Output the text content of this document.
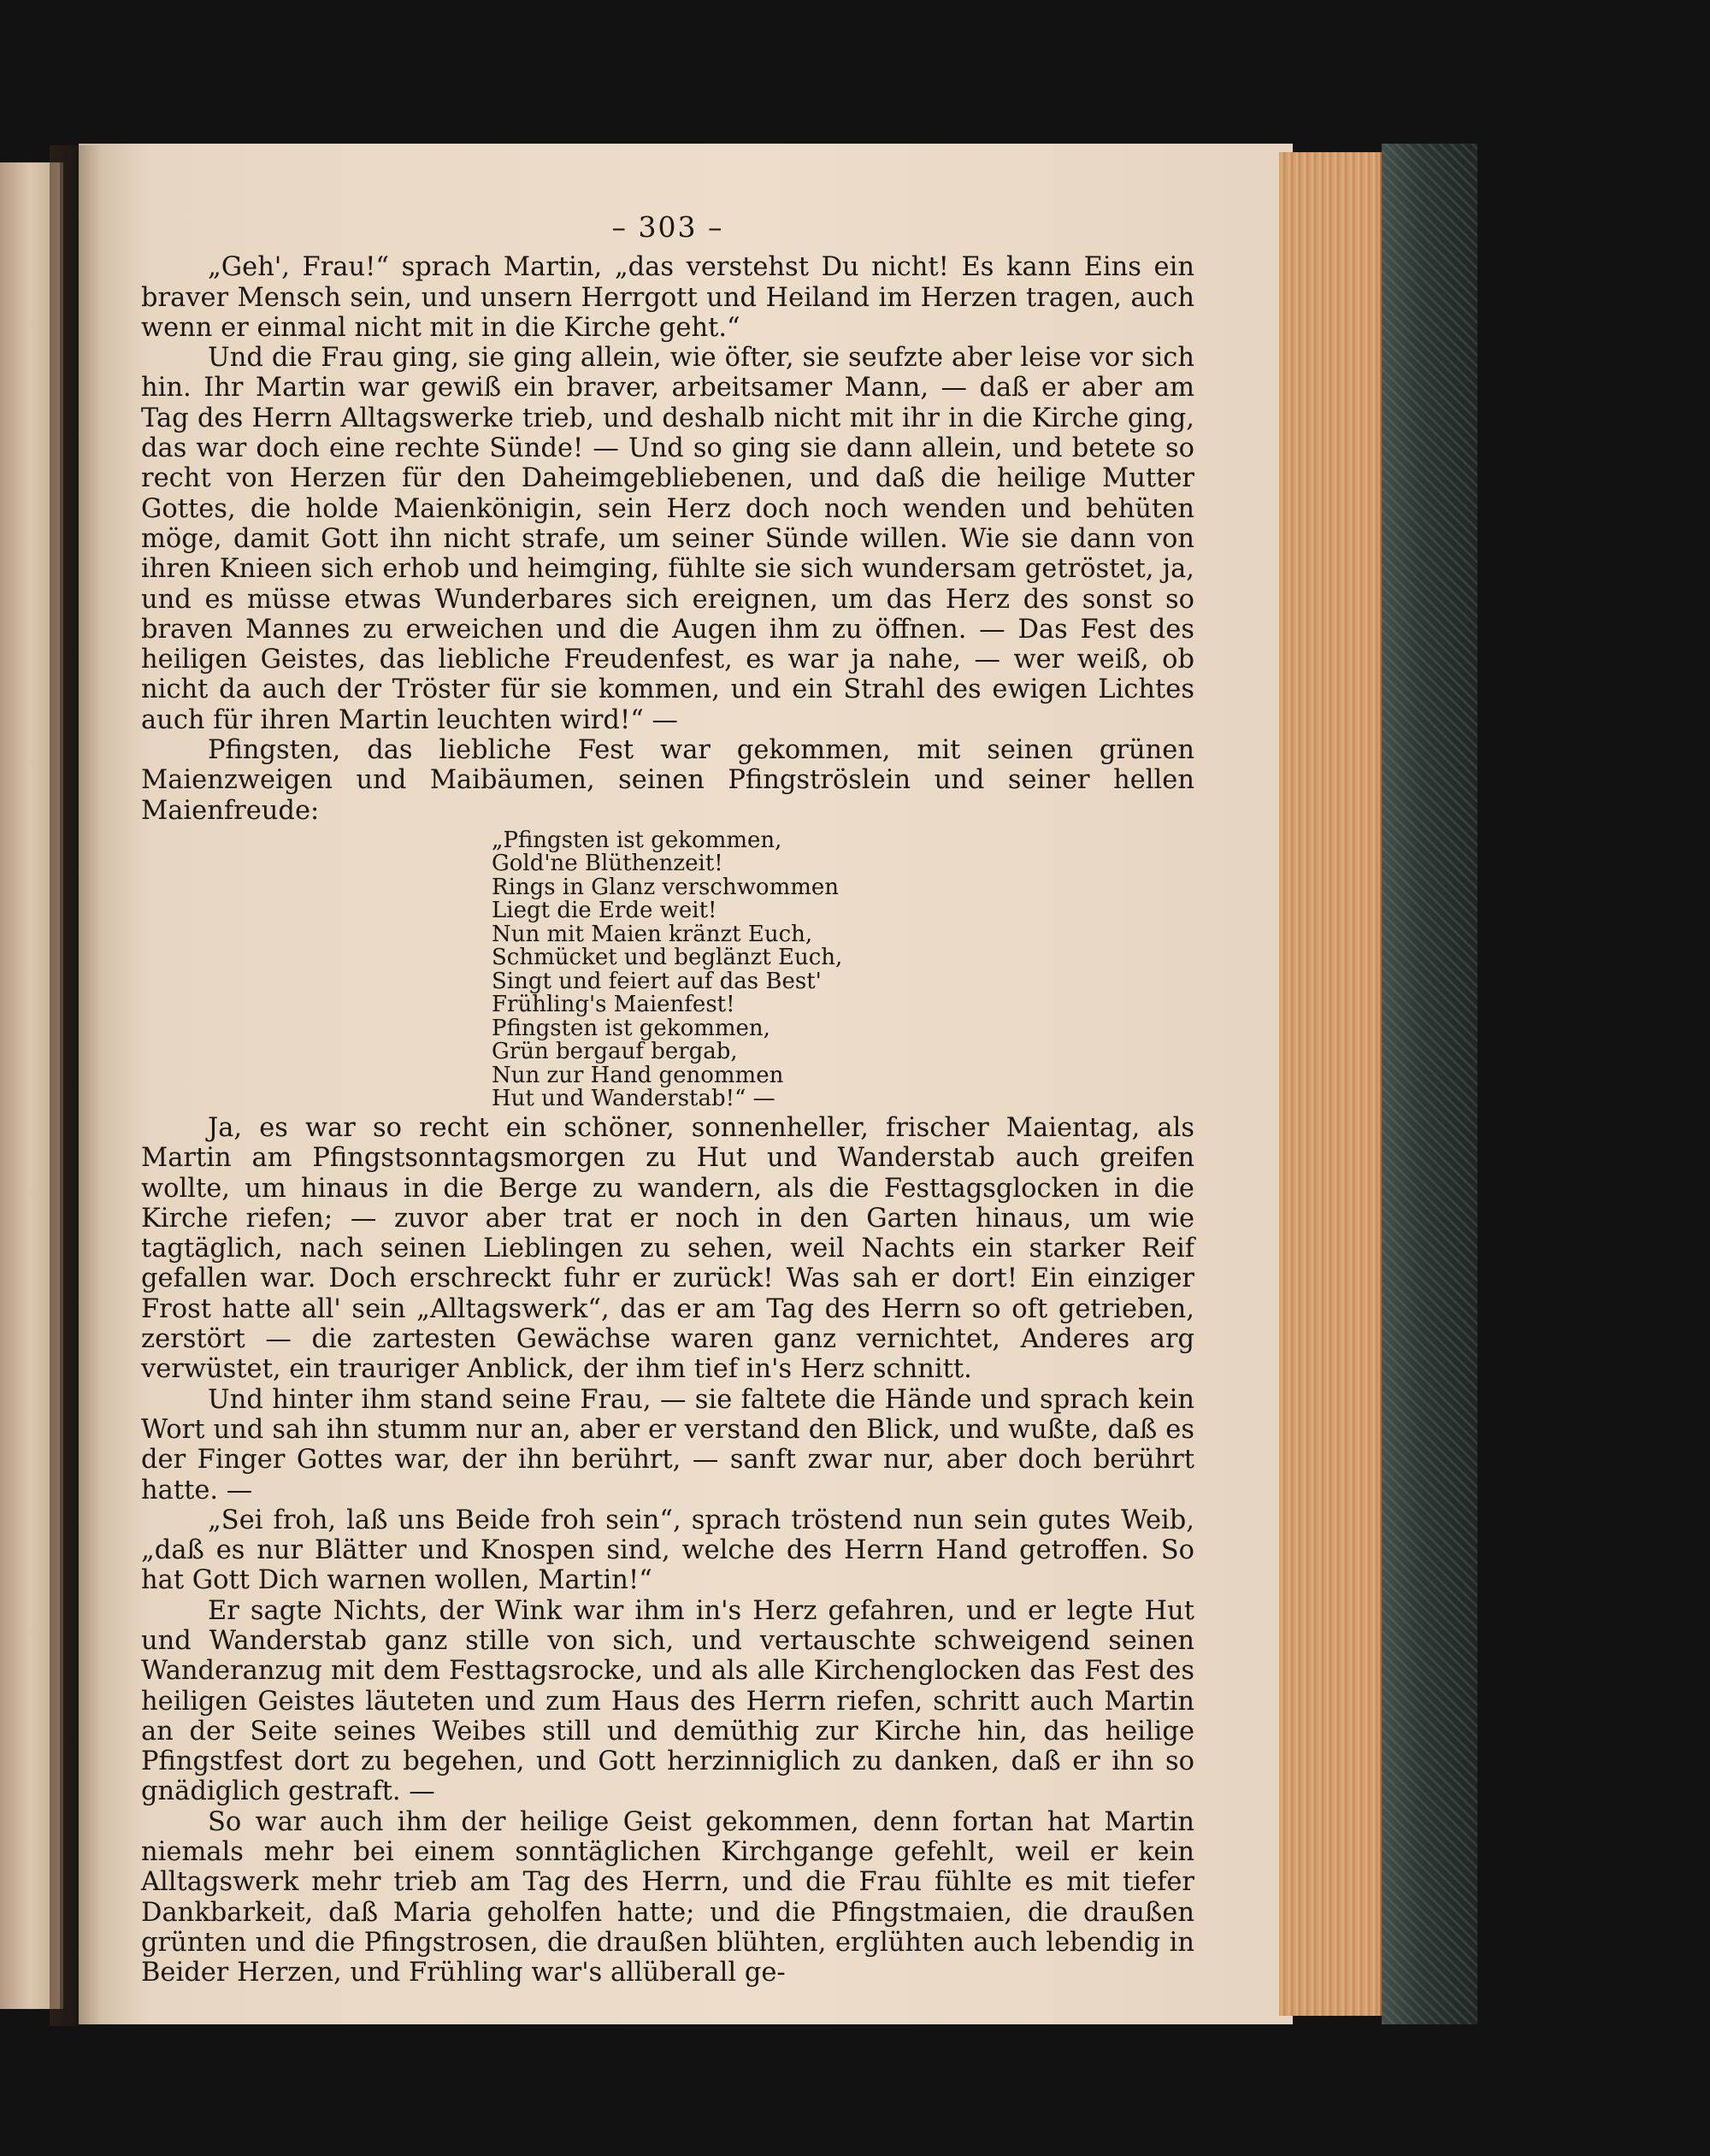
– 303 –

„Geh', Frau!“ sprach Martin, „das verstehst Du nicht! Es kann Eins ein braver Mensch sein, und unsern Herrgott und Heiland im Herzen tragen, auch wenn er einmal nicht mit in die Kirche geht.“

Und die Frau ging, sie ging allein, wie öfter, sie seufzte aber leise vor sich hin. Ihr Martin war gewiß ein braver, arbeitsamer Mann, — daß er aber am Tag des Herrn Alltagswerke trieb, und deshalb nicht mit ihr in die Kirche ging, das war doch eine rechte Sünde! — Und so ging sie dann allein, und betete so recht von Herzen für den Daheimgebliebenen, und daß die heilige Mutter Gottes, die holde Maienkönigin, sein Herz doch noch wenden und behüten möge, damit Gott ihn nicht strafe, um seiner Sünde willen. Wie sie dann von ihren Knieen sich erhob und heimging, fühlte sie sich wundersam getröstet, ja, und es müsse etwas Wunderbares sich ereignen, um das Herz des sonst so braven Mannes zu erweichen und die Augen ihm zu öffnen. — Das Fest des heiligen Geistes, das liebliche Freudenfest, es war ja nahe, — wer weiß, ob nicht da auch der Tröster für sie kommen, und ein Strahl des ewigen Lichtes auch für ihren Martin leuchten wird!“ —

Pfingsten, das liebliche Fest war gekommen, mit seinen grünen Maienzweigen und Maibäumen, seinen Pfingströslein und seiner hellen Maienfreude:

„Pfingsten ist gekommen,
Gold'ne Blüthenzeit!
Rings in Glanz verschwommen
Liegt die Erde weit!
Nun mit Maien kränzt Euch,
Schmücket und beglänzt Euch,
Singt und feiert auf das Best'
Frühling's Maienfest!
Pfingsten ist gekommen,
Grün bergauf bergab,
Nun zur Hand genommen
Hut und Wanderstab!“ —

Ja, es war so recht ein schöner, sonnenheller, frischer Maientag, als Martin am Pfingstsonntagsmorgen zu Hut und Wanderstab auch greifen wollte, um hinaus in die Berge zu wandern, als die Festtagsglocken in die Kirche riefen; — zuvor aber trat er noch in den Garten hinaus, um wie tagtäglich, nach seinen Lieblingen zu sehen, weil Nachts ein starker Reif gefallen war. Doch erschreckt fuhr er zurück! Was sah er dort! Ein einziger Frost hatte all' sein „Alltagswerk“, das er am Tag des Herrn so oft getrieben, zerstört — die zartesten Gewächse waren ganz vernichtet, Anderes arg verwüstet, ein trauriger Anblick, der ihm tief in's Herz schnitt.

Und hinter ihm stand seine Frau, — sie faltete die Hände und sprach kein Wort und sah ihn stumm nur an, aber er verstand den Blick, und wußte, daß es der Finger Gottes war, der ihn berührt, — sanft zwar nur, aber doch berührt hatte. —

„Sei froh, laß uns Beide froh sein“, sprach tröstend nun sein gutes Weib, „daß es nur Blätter und Knospen sind, welche des Herrn Hand getroffen. So hat Gott Dich warnen wollen, Martin!“

Er sagte Nichts, der Wink war ihm in's Herz gefahren, und er legte Hut und Wanderstab ganz stille von sich, und vertauschte schweigend seinen Wanderanzug mit dem Festtagsrocke, und als alle Kirchenglocken das Fest des heiligen Geistes läuteten und zum Haus des Herrn riefen, schritt auch Martin an der Seite seines Weibes still und demüthig zur Kirche hin, das heilige Pfingstfest dort zu begehen, und Gott herzinniglich zu danken, daß er ihn so gnädiglich gestraft. —

So war auch ihm der heilige Geist gekommen, denn fortan hat Martin niemals mehr bei einem sonntäglichen Kirchgange gefehlt, weil er kein Alltagswerk mehr trieb am Tag des Herrn, und die Frau fühlte es mit tiefer Dankbarkeit, daß Maria geholfen hatte; und die Pfingstmaien, die draußen grünten und die Pfingstrosen, die draußen blühten, erglühten auch lebendig in Beider Herzen, und Frühling war's allüberall ge-
